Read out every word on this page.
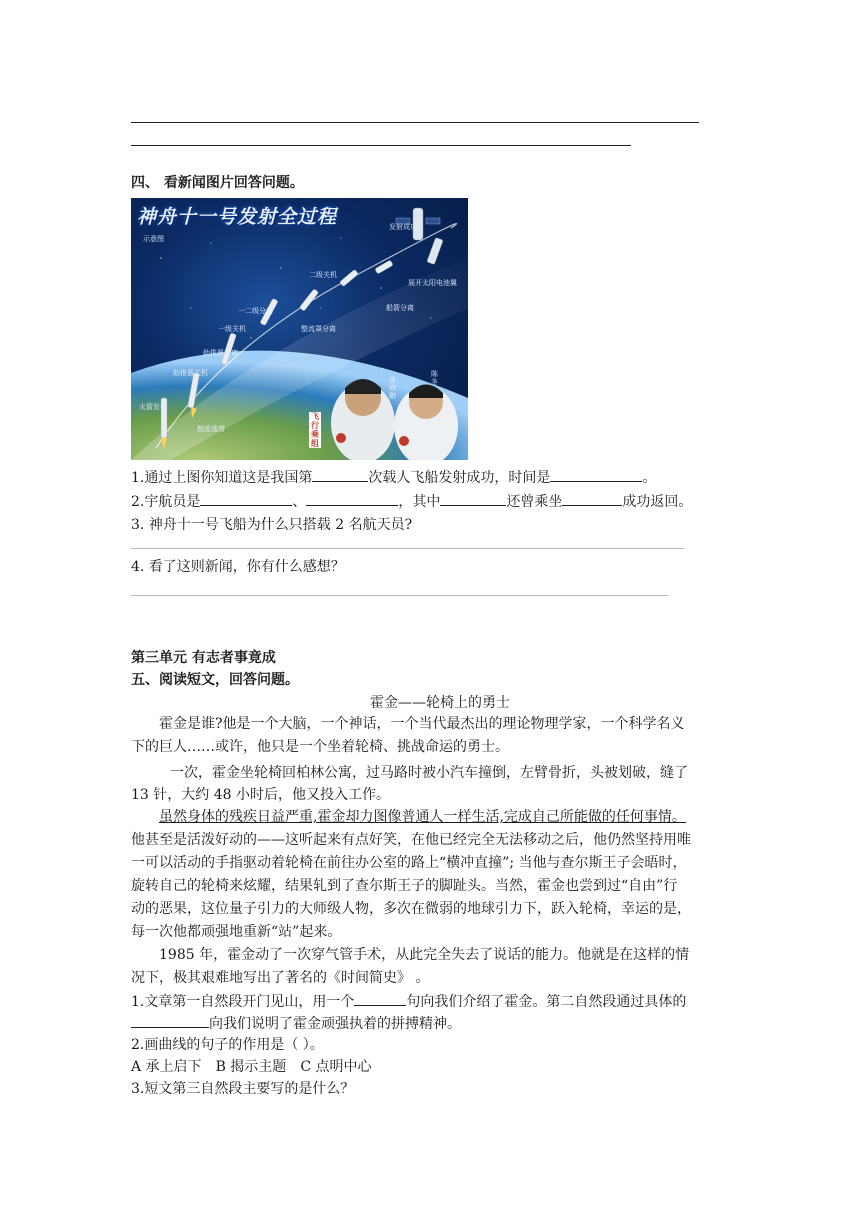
四、 看新闻图片回答问题。
神舟十一号发射全过程
示意图
发射成功
展开太阳电池翼
二级关机
船箭分离
一二级分离
整流罩分离
一级关机
助推器分离
助推器关机
火箭发射
抛逃逸塔
景海鹏
陈冬
飞行乘组
1.通过上图你知道这是我国第	次载人飞船发射成功，时间是	。
2.宇航员是	、	，其中	还曾乘坐	成功返回。
3. 神舟十一号飞船为什么只搭载 2 名航天员?
4. 看了这则新闻，你有什么感想？
第三单元 有志者事竟成
五、阅读短文，回答问题。
霍金——轮椅上的勇士
霍金是谁?他是一个大脑，一个神话，一个当代最杰出的理论物理学家，一个科学名义
下的巨人……或许，他只是一个坐着轮椅、挑战命运的勇士。
一次，霍金坐轮椅回柏林公寓，过马路时被小汽车撞倒，左臂骨折，头被划破，缝了
13 针，大约 48 小时后，他又投入工作。
虽然身体的残疾日益严重,霍金却力图像普通人一样生活,完成自己所能做的任何事情。
他甚至是活泼好动的——这听起来有点好笑，在他已经完全无法移动之后，他仍然坚持用唯
一可以活动的手指驱动着轮椅在前往办公室的路上“横冲直撞”; 当他与查尔斯王子会晤时，
旋转自己的轮椅来炫耀，结果轧到了查尔斯王子的脚趾头。当然，霍金也尝到过“自由”行
动的恶果，这位量子引力的大师级人物，多次在微弱的地球引力下，跃入轮椅，幸运的是，
每一次他都顽强地重新“站”起来。
1985 年，霍金动了一次穿气管手术，从此完全失去了说话的能力。他就是在这样的情
况下，极其艰难地写出了著名的《时间简史》 。
1.文章第一自然段开门见山，用一个	句向我们介绍了霍金。第二自然段通过具体的
向我们说明了霍金顽强执着的拼搏精神。
2.画曲线的句子的作用是（ ）。
A 承上启下 B 揭示主题 C 点明中心
3.短文第三自然段主要写的是什么？
